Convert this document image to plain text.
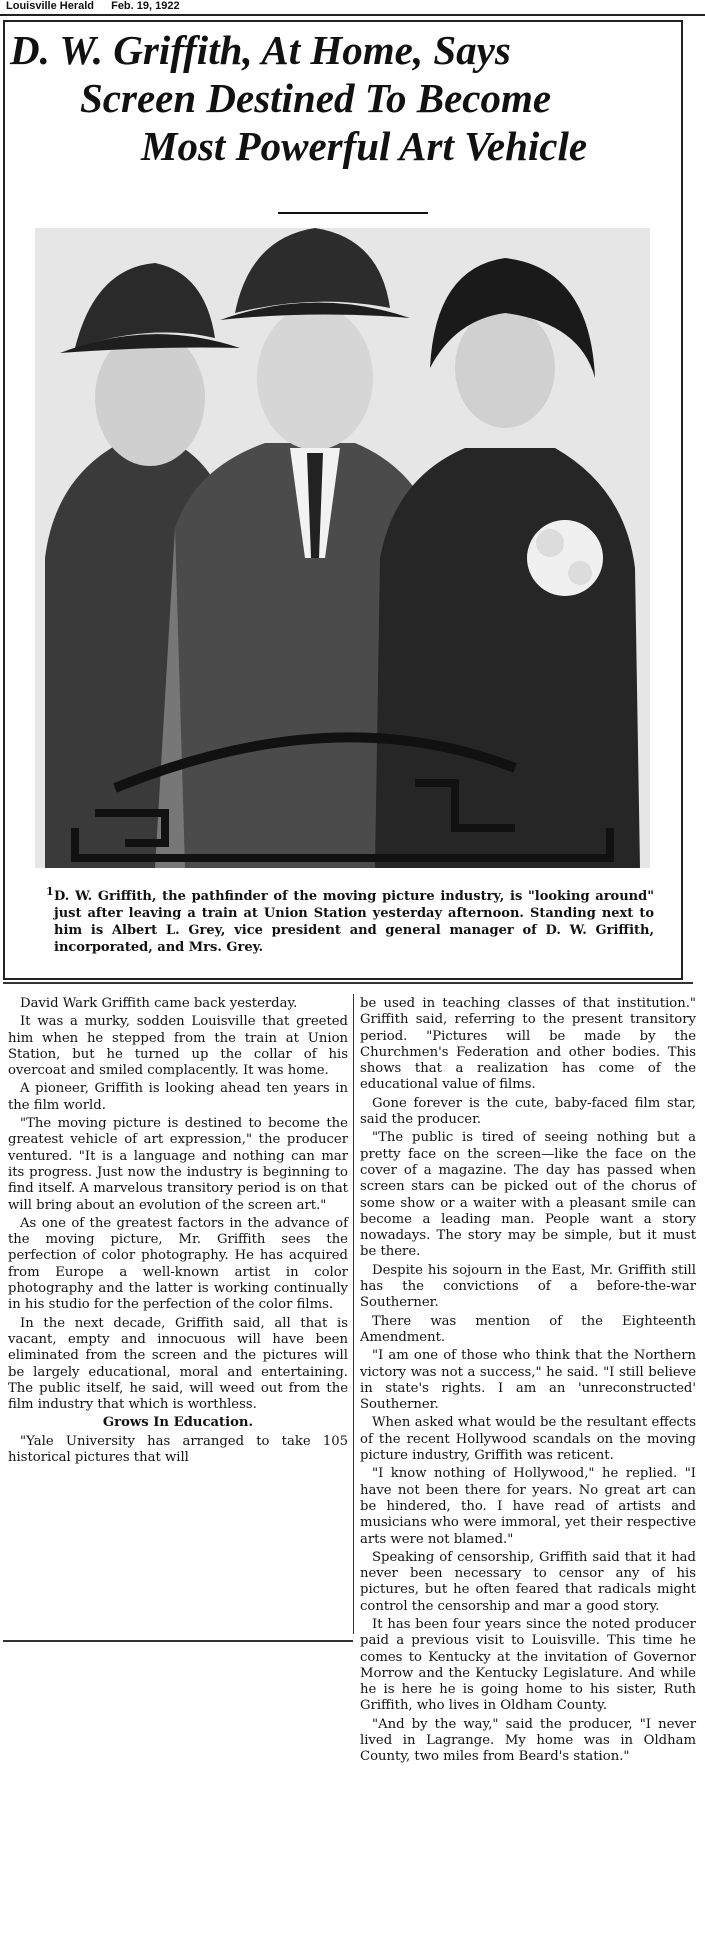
Louisville Herald Feb. 19, 1922
D. W. Griffith, At Home, Says
Screen Destined To Become
Most Powerful Art Vehicle
1 D. W. Griffith, the pathfinder of the moving picture industry, is "looking around" just after leaving a train at Union Station yesterday afternoon. Standing next to him is Albert L. Grey, vice president and general manager of D. W. Griffith, incorporated, and Mrs. Grey.

David Wark Griffith came back yesterday.

It was a murky, sodden Louisville that greeted him when he stepped from the train at Union Station, but he turned up the collar of his overcoat and smiled complacently. It was home.

A pioneer, Griffith is looking ahead ten years in the film world.

"The moving picture is destined to become the greatest vehicle of art expression," the producer ventured. "It is a language and nothing can mar its progress. Just now the industry is beginning to find itself. A marvelous transitory period is on that will bring about an evolution of the screen art."

As one of the greatest factors in the advance of the moving picture, Mr. Griffith sees the perfection of color photography. He has acquired from Europe a well-known artist in color photography and the latter is working continually in his studio for the perfection of the color films.

In the next decade, Griffith said, all that is vacant, empty and innocuous will have been eliminated from the screen and the pictures will be largely educational, moral and entertaining. The public itself, he said, will weed out from the film industry that which is worthless.

Grows In Education.

"Yale University has arranged to take 105 historical pictures that will

be used in teaching classes of that institution." Griffith said, referring to the present transitory period. "Pictures will be made by the Churchmen's Federation and other bodies. This shows that a realization has come of the educational value of films.

Gone forever is the cute, baby-faced film star, said the producer.

"The public is tired of seeing nothing but a pretty face on the screen—like the face on the cover of a magazine. The day has passed when screen stars can be picked out of the chorus of some show or a waiter with a pleasant smile can become a leading man. People want a story nowadays. The story may be simple, but it must be there.

Despite his sojourn in the East, Mr. Griffith still has the convictions of a before-the-war Southerner.

There was mention of the Eighteenth Amendment.

"I am one of those who think that the Northern victory was not a success," he said. "I still believe in state's rights. I am an 'unreconstructed' Southerner.

When asked what would be the resultant effects of the recent Hollywood scandals on the moving picture industry, Griffith was reticent.

"I know nothing of Hollywood," he replied. "I have not been there for years. No great art can be hindered, tho. I have read of artists and musicians who were immoral, yet their respective arts were not blamed."

Speaking of censorship, Griffith said that it had never been necessary to censor any of his pictures, but he often feared that radicals might control the censorship and mar a good story.

It has been four years since the noted producer paid a previous visit to Louisville. This time he comes to Kentucky at the invitation of Governor Morrow and the Kentucky Legislature. And while he is here he is going home to his sister, Ruth Griffith, who lives in Oldham County.

"And by the way," said the producer, "I never lived in Lagrange. My home was in Oldham County, two miles from Beard's station."
